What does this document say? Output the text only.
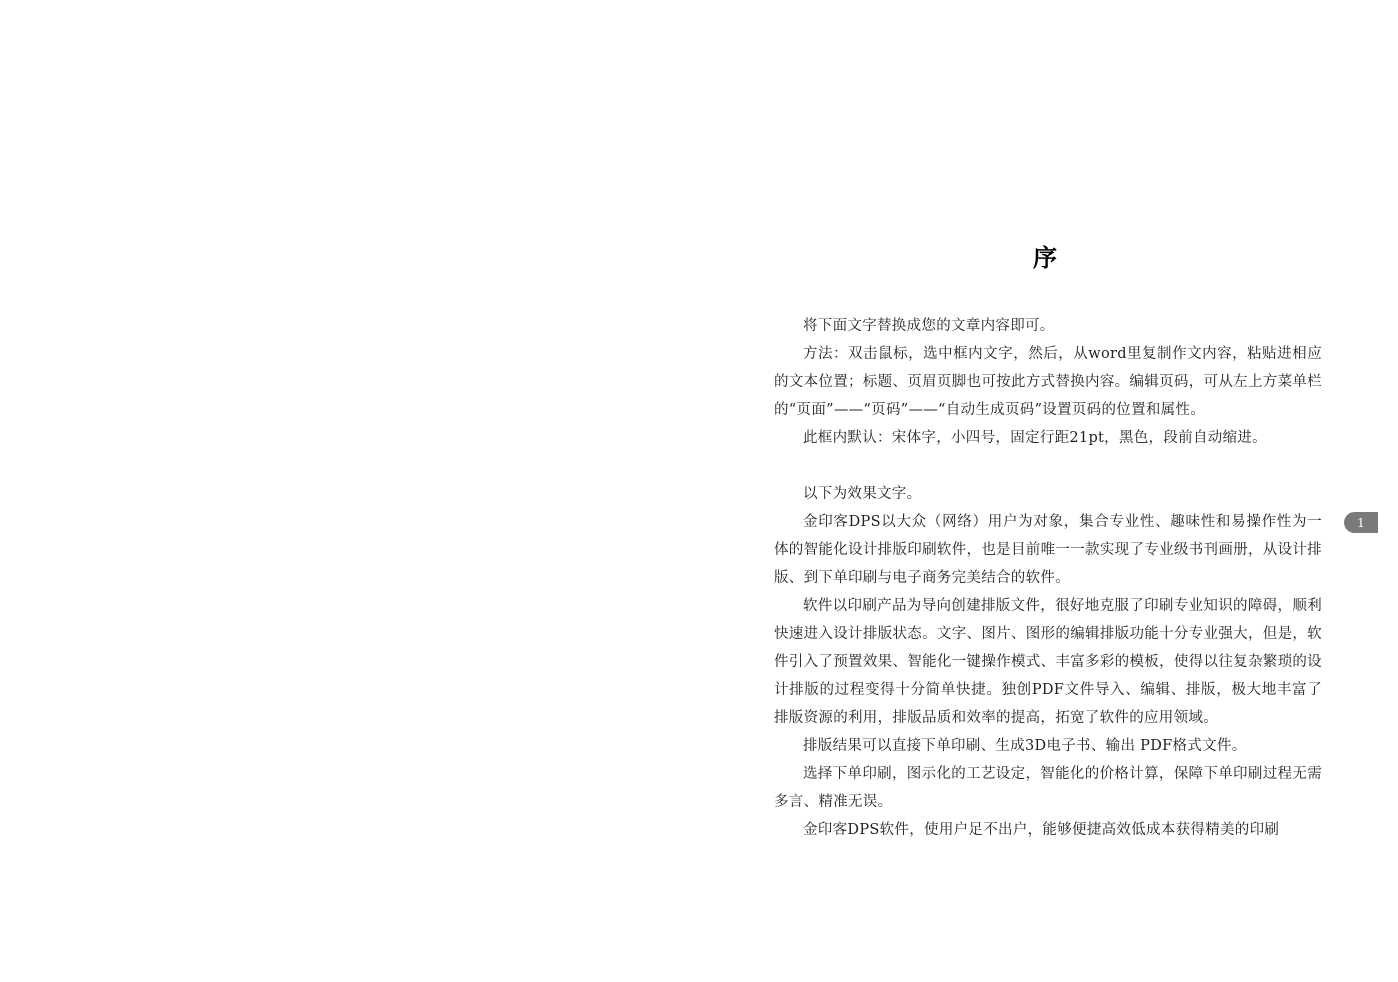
序

将下面文字替换成您的文章内容即可。

方法：双击鼠标，选中框内文字，然后，从word里复制作文内容，粘贴进相应的文本位置；标题、页眉页脚也可按此方式替换内容。编辑页码，可从左上方菜单栏的“页面”——“页码”——“自动生成页码”设置页码的位置和属性。

此框内默认：宋体字，小四号，固定行距21pt，黑色，段前自动缩进。

以下为效果文字。

金印客DPS以大众（网络）用户为对象，集合专业性、趣味性和易操作性为一体的智能化设计排版印刷软件，也是目前唯一一款实现了专业级书刊画册，从设计排版、到下单印刷与电子商务完美结合的软件。

软件以印刷产品为导向创建排版文件，很好地克服了印刷专业知识的障碍，顺利快速进入设计排版状态。文字、图片、图形的编辑排版功能十分专业强大，但是，软件引入了预置效果、智能化一键操作模式、丰富多彩的模板，使得以往复杂繁琐的设计排版的过程变得十分简单快捷。独创PDF文件导入、编辑、排版，极大地丰富了排版资源的利用，排版品质和效率的提高，拓宽了软件的应用领域。

排版结果可以直接下单印刷、生成3D电子书、输出 PDF格式文件。

选择下单印刷，图示化的工艺设定，智能化的价格计算，保障下单印刷过程无需多言、精准无误。

金印客DPS软件，使用户足不出户，能够便捷高效低成本获得精美的印刷

1
